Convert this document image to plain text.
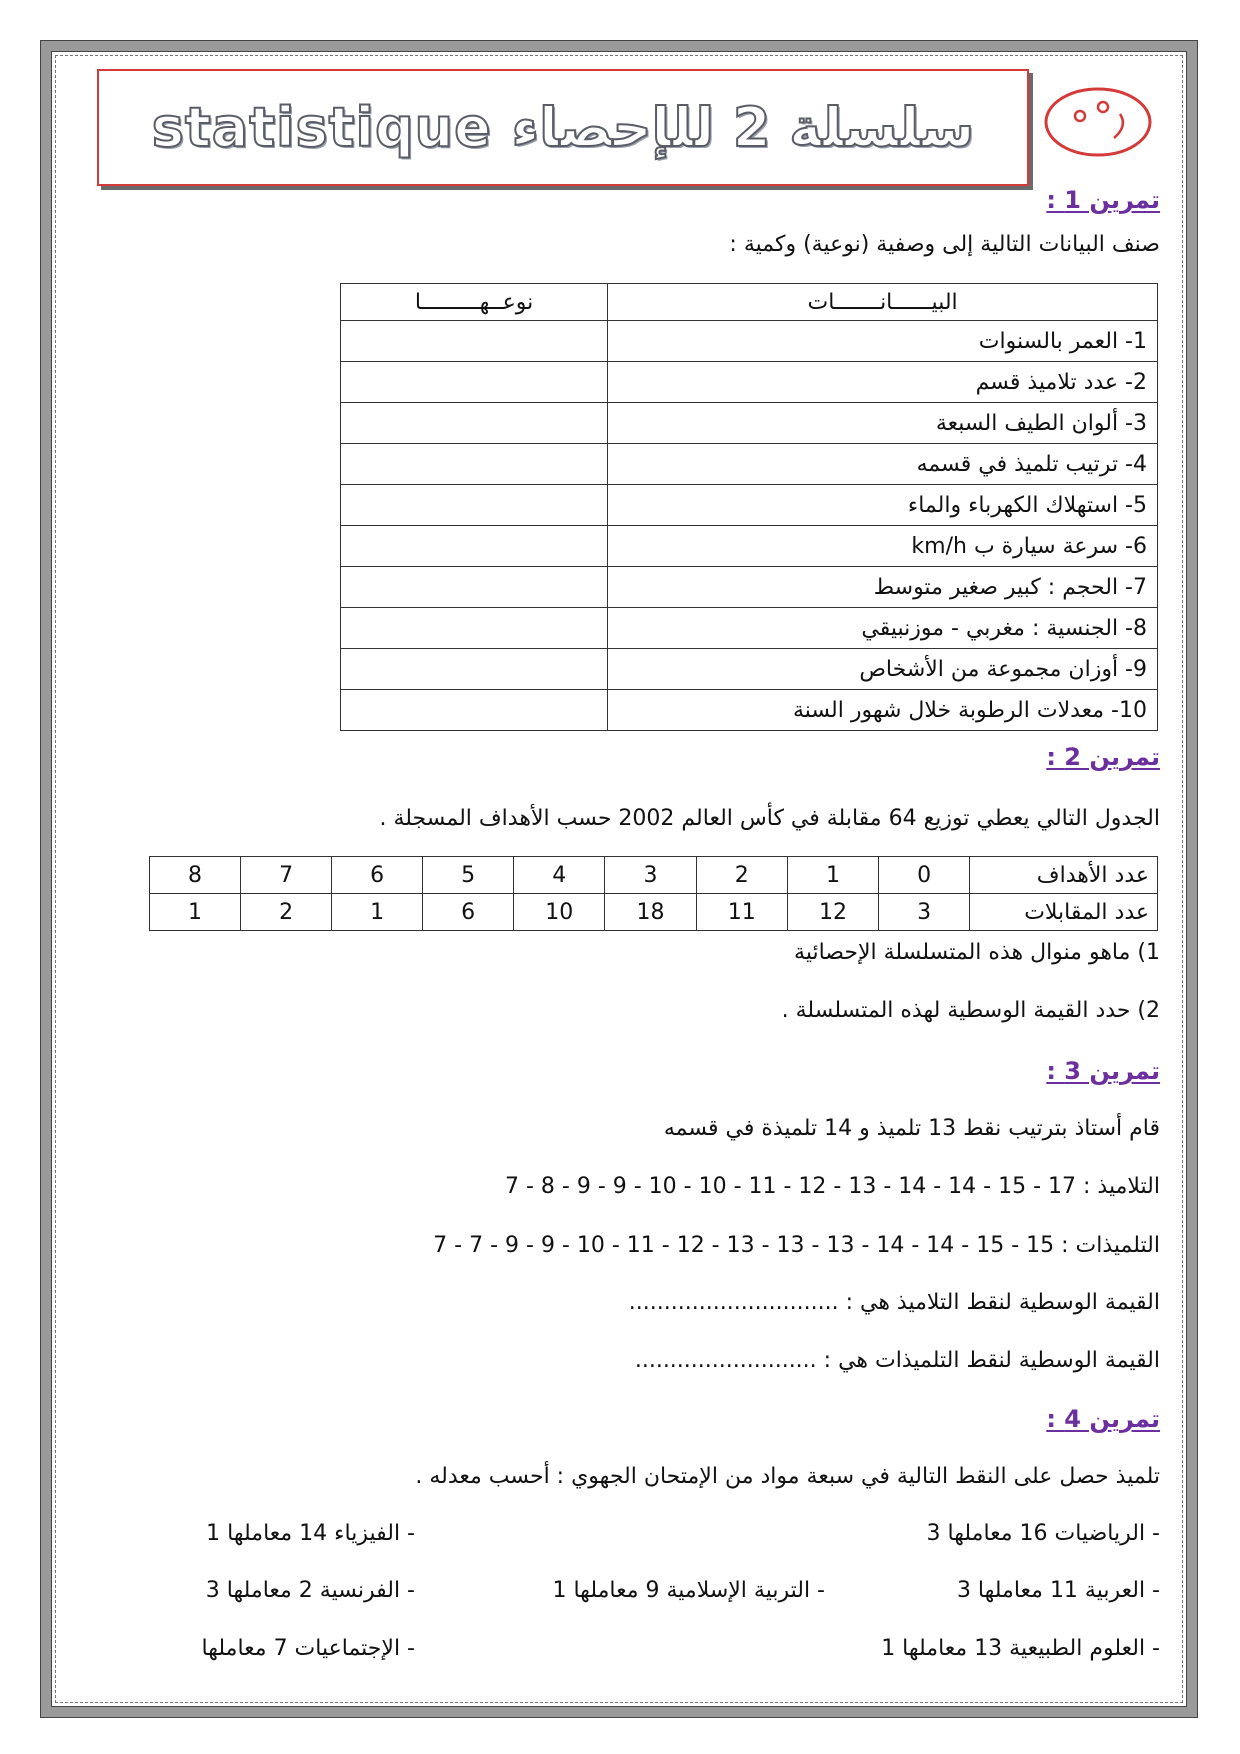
statistique سلسلة 2 للإحصاء
تمرين 1 :
صنف البيانات التالية إلى وصفية (نوعية) وكمية :
نوعــهـــــــــا	البيــــــانـــــــات
	1- العمر بالسنوات
	2- عدد تلاميذ قسم
	3- ألوان الطيف السبعة
	4- ترتيب تلميذ في قسمه
	5- استهلاك الكهرباء والماء
	6- سرعة سيارة ب km/h
	7- الحجم : كبير صغير متوسط
	8- الجنسية : مغربي - موزنبيقي
	9- أوزان مجموعة من الأشخاص
	10- معدلات الرطوبة خلال شهور السنة
تمرين 2 :
الجدول التالي يعطي توزيع 64 مقابلة في كأس العالم 2002 حسب الأهداف المسجلة .
8	7	6	5	4	3	2	1	0	عدد الأهداف
1	2	1	6	10	18	11	12	3	عدد المقابلات
1) ماهو منوال هذه المتسلسلة الإحصائية
2) حدد القيمة الوسطية لهذه المتسلسلة .
تمرين 3 :
قام أستاذ بترتيب نقط 13 تلميذ و 14 تلميذة في قسمه
التلاميذ : 7 - 8 - 9 - 9 - 10 - 10 - 11 - 12 - 13 - 14 - 14 - 15 - 17
التلميذات : 7 - 7 - 9 - 9 - 10 - 11 - 12 - 13 - 13 - 13 - 14 - 14 - 15 - 15
القيمة الوسطية لنقط التلاميذ هي : ..............................
القيمة الوسطية لنقط التلميذات هي : ..........................
تمرين 4 :
تلميذ حصل على النقط التالية في سبعة مواد من الإمتحان الجهوي : أحسب معدله .
- الرياضيات 16 معاملها 3
- الفيزياء 14 معاملها 1
- العربية 11 معاملها 3
- التربية الإسلامية 9 معاملها 1
- الفرنسية 2 معاملها 3
- العلوم الطبيعية 13 معاملها 1
- الإجتماعيات 7 معاملها
